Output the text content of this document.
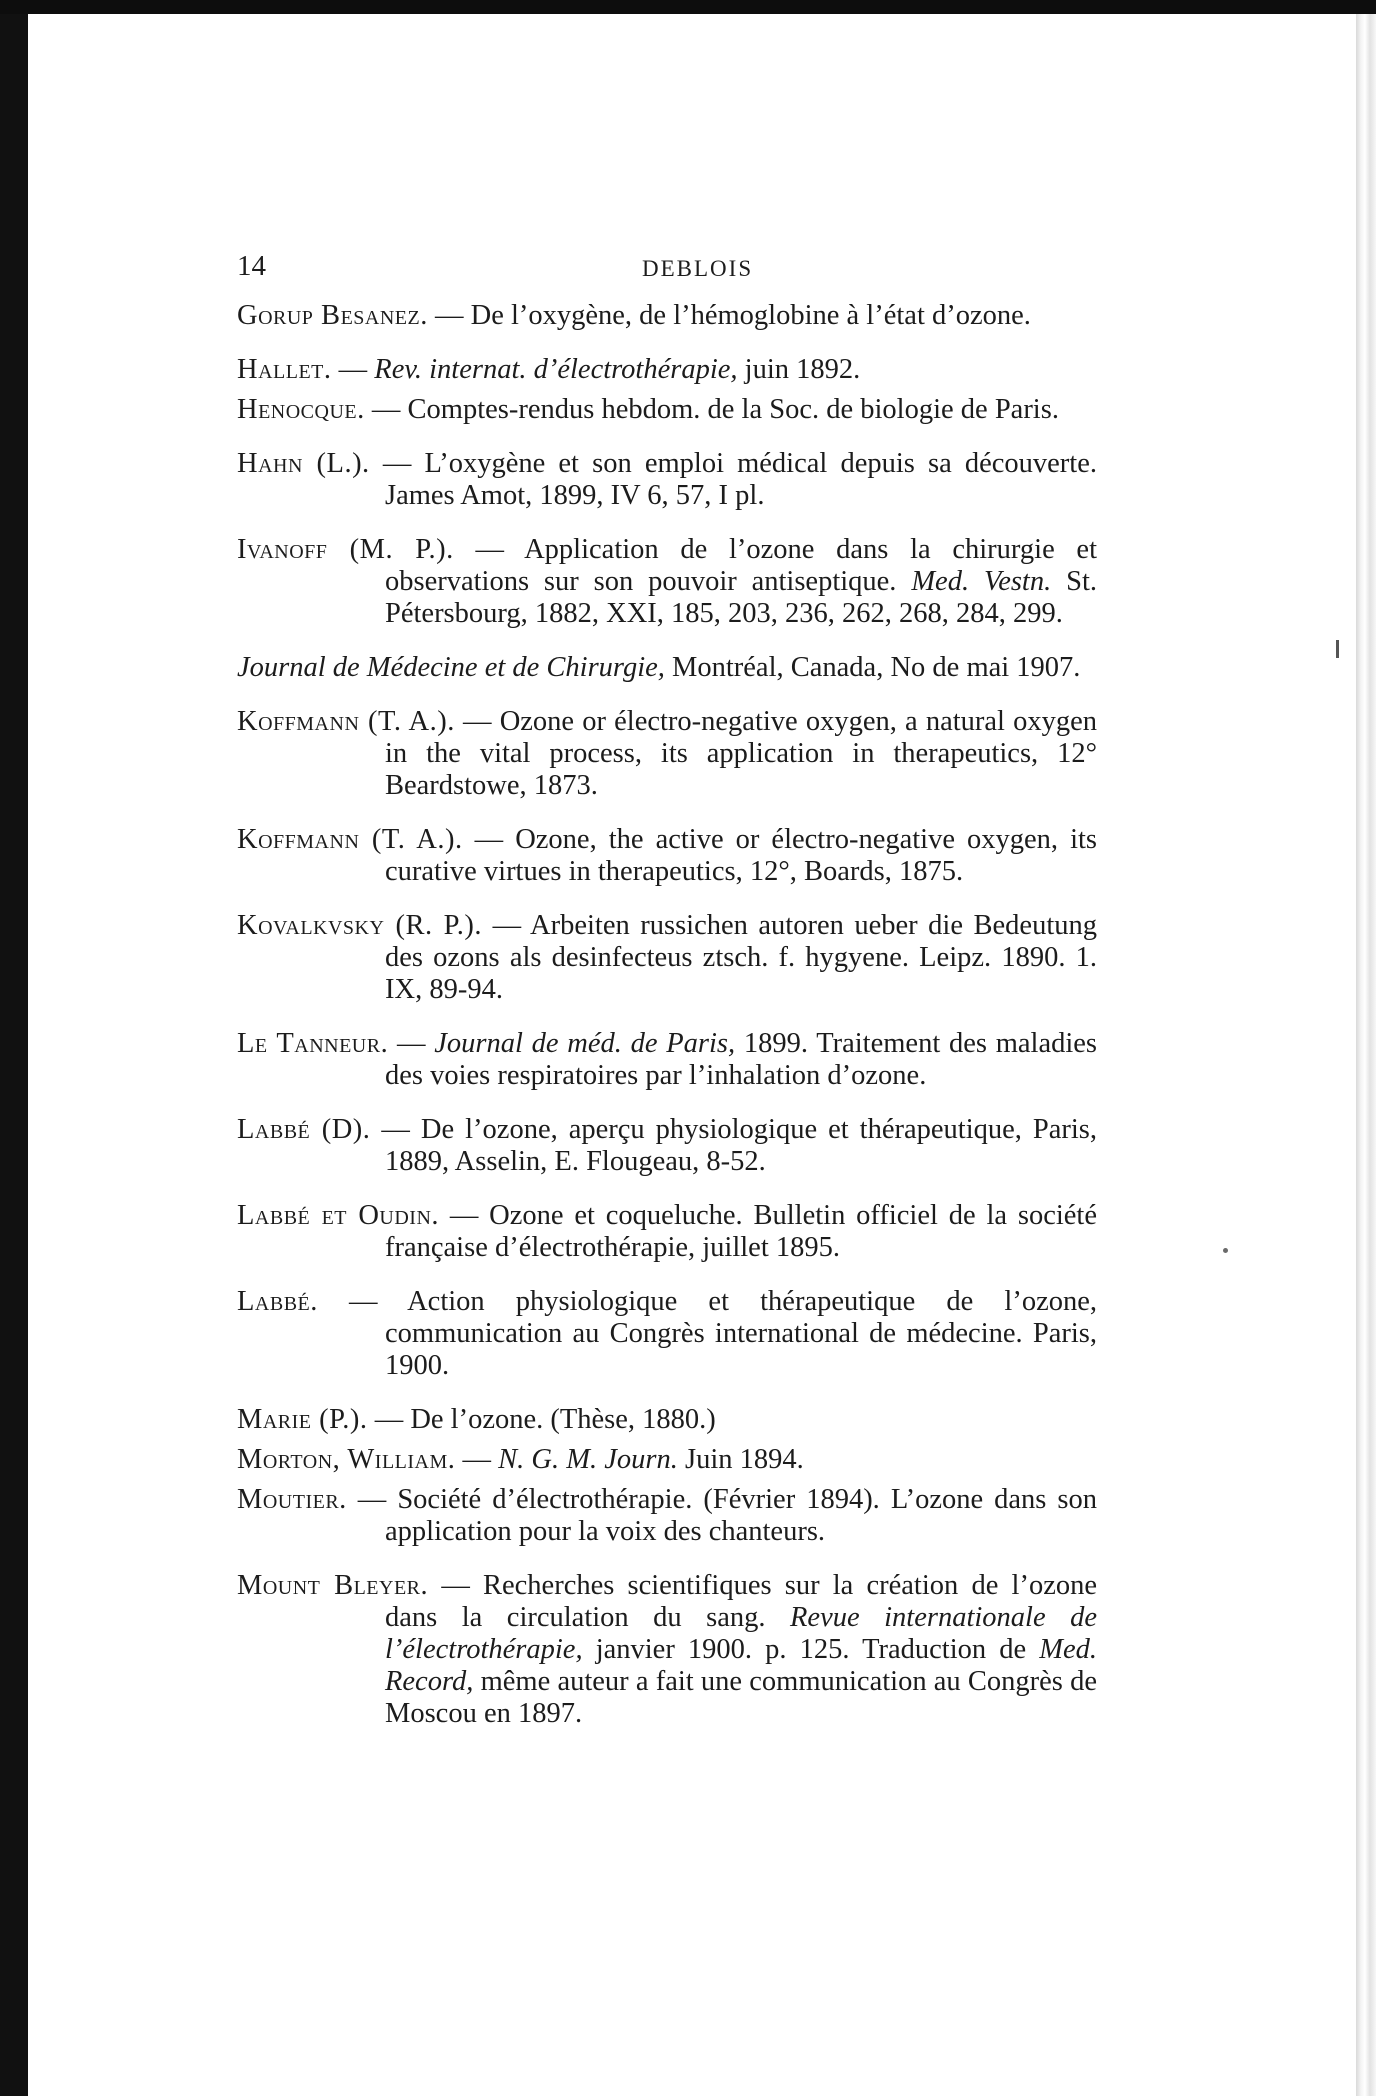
14	DEBLOIS

Gorup Besanez. — De l’oxygène, de l’hémoglobine à l’état d’ozone.

Hallet. — Rev. internat. d’électrothérapie, juin 1892.

Henocque. — Comptes-rendus hebdom. de la Soc. de biologie de Paris.

Hahn (L.). — L’oxygène et son emploi médical depuis sa découverte. James Amot, 1899, IV 6, 57, I pl.

Ivanoff (M. P.). — Application de l’ozone dans la chirurgie et observations sur son pouvoir antiseptique. Med. Vestn. St. Pétersbourg, 1882, XXI, 185, 203, 236, 262, 268, 284, 299.

Journal de Médecine et de Chirurgie, Montréal, Canada, No de mai 1907.

Koffmann (T. A.). — Ozone or électro-negative oxygen, a natural oxygen in the vital process, its application in therapeutics, 12° Beardstowe, 1873.

Koffmann (T. A.). — Ozone, the active or électro-negative oxygen, its curative virtues in therapeutics, 12°, Boards, 1875.

Kovalkvsky (R. P.). — Arbeiten russichen autoren ueber die Bedeutung des ozons als desinfecteus ztsch. f. hygyene. Leipz. 1890. 1. IX, 89-94.

Le Tanneur. — Journal de méd. de Paris, 1899. Traitement des maladies des voies respiratoires par l’inhalation d’ozone.

Labbé (D). — De l’ozone, aperçu physiologique et thérapeutique, Paris, 1889, Asselin, E. Flougeau, 8-52.

Labbé et Oudin. — Ozone et coqueluche. Bulletin officiel de la société française d’électrothérapie, juillet 1895.

Labbé. — Action physiologique et thérapeutique de l’ozone, communication au Congrès international de médecine. Paris, 1900.

Marie (P.). — De l’ozone. (Thèse, 1880.)

Morton, William. — N. G. M. Journ. Juin 1894.

Moutier. — Société d’électrothérapie. (Février 1894). L’ozone dans son application pour la voix des chanteurs.

Mount Bleyer. — Recherches scientifiques sur la création de l’ozone dans la circulation du sang. Revue internationale de l’électrothérapie, janvier 1900. p. 125. Traduction de Med. Record, même auteur a fait une communication au Congrès de Moscou en 1897.
